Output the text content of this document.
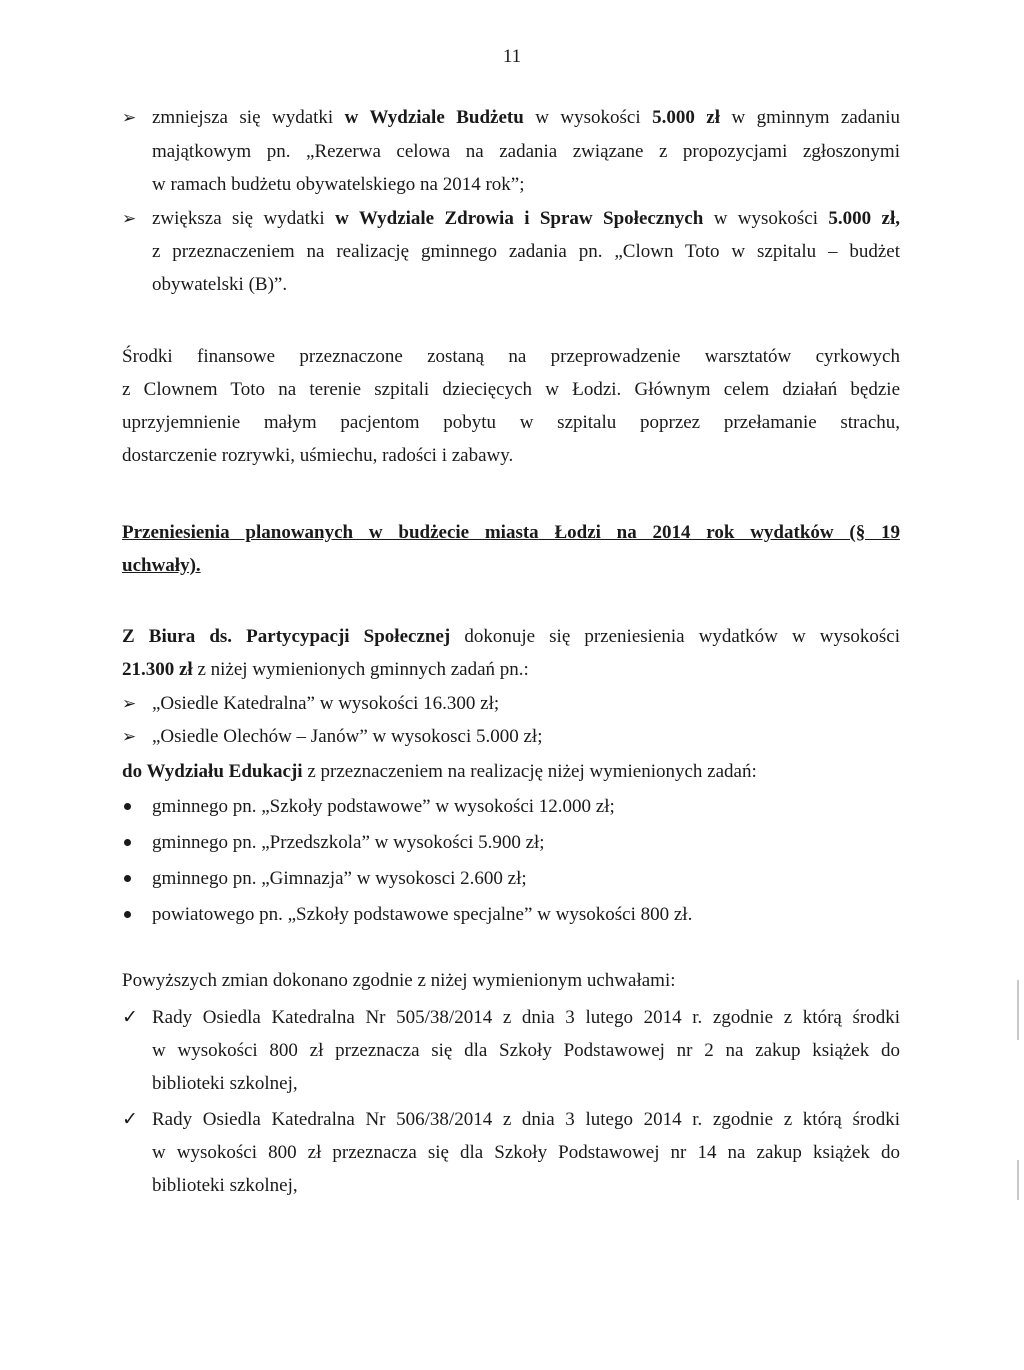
11
➢ zmniejsza się wydatki w Wydziale Budżetu w wysokości 5.000 zł w gminnym zadaniu
majątkowym pn. „Rezerwa celowa na zadania związane z propozycjami zgłoszonymi
w ramach budżetu obywatelskiego na 2014 rok”;
➢ zwiększa się wydatki w Wydziale Zdrowia i Spraw Społecznych w wysokości 5.000 zł,
z przeznaczeniem na realizację gminnego zadania pn. „Clown Toto w szpitalu – budżet
obywatelski (B)”.
Środki finansowe przeznaczone zostaną na przeprowadzenie warsztatów cyrkowych
z Clownem Toto na terenie szpitali dziecięcych w Łodzi. Głównym celem działań będzie
uprzyjemnienie małym pacjentom pobytu w szpitalu poprzez przełamanie strachu,
dostarczenie rozrywki, uśmiechu, radości i zabawy.
Przeniesienia planowanych w budżecie miasta Łodzi na 2014 rok wydatków (§ 19
uchwały).
Z Biura ds. Partycypacji Społecznej dokonuje się przeniesienia wydatków w wysokości
21.300 zł z niżej wymienionych gminnych zadań pn.:
➢ „Osiedle Katedralna” w wysokości 16.300 zł;
➢ „Osiedle Olechów – Janów” w wysokosci 5.000 zł;
do Wydziału Edukacji z przeznaczeniem na realizację niżej wymienionych zadań:
gminnego pn. „Szkoły podstawowe” w wysokości 12.000 zł;
gminnego pn. „Przedszkola” w wysokości 5.900 zł;
gminnego pn. „Gimnazja” w wysokosci 2.600 zł;
powiatowego pn. „Szkoły podstawowe specjalne” w wysokości 800 zł.
Powyższych zmian dokonano zgodnie z niżej wymienionym uchwałami:
✓ Rady Osiedla Katedralna Nr 505/38/2014 z dnia 3 lutego 2014 r. zgodnie z którą środki
w wysokości 800 zł przeznacza się dla Szkoły Podstawowej nr 2 na zakup książek do
biblioteki szkolnej,
✓ Rady Osiedla Katedralna Nr 506/38/2014 z dnia 3 lutego 2014 r. zgodnie z którą środki
w wysokości 800 zł przeznacza się dla Szkoły Podstawowej nr 14 na zakup książek do
biblioteki szkolnej,
